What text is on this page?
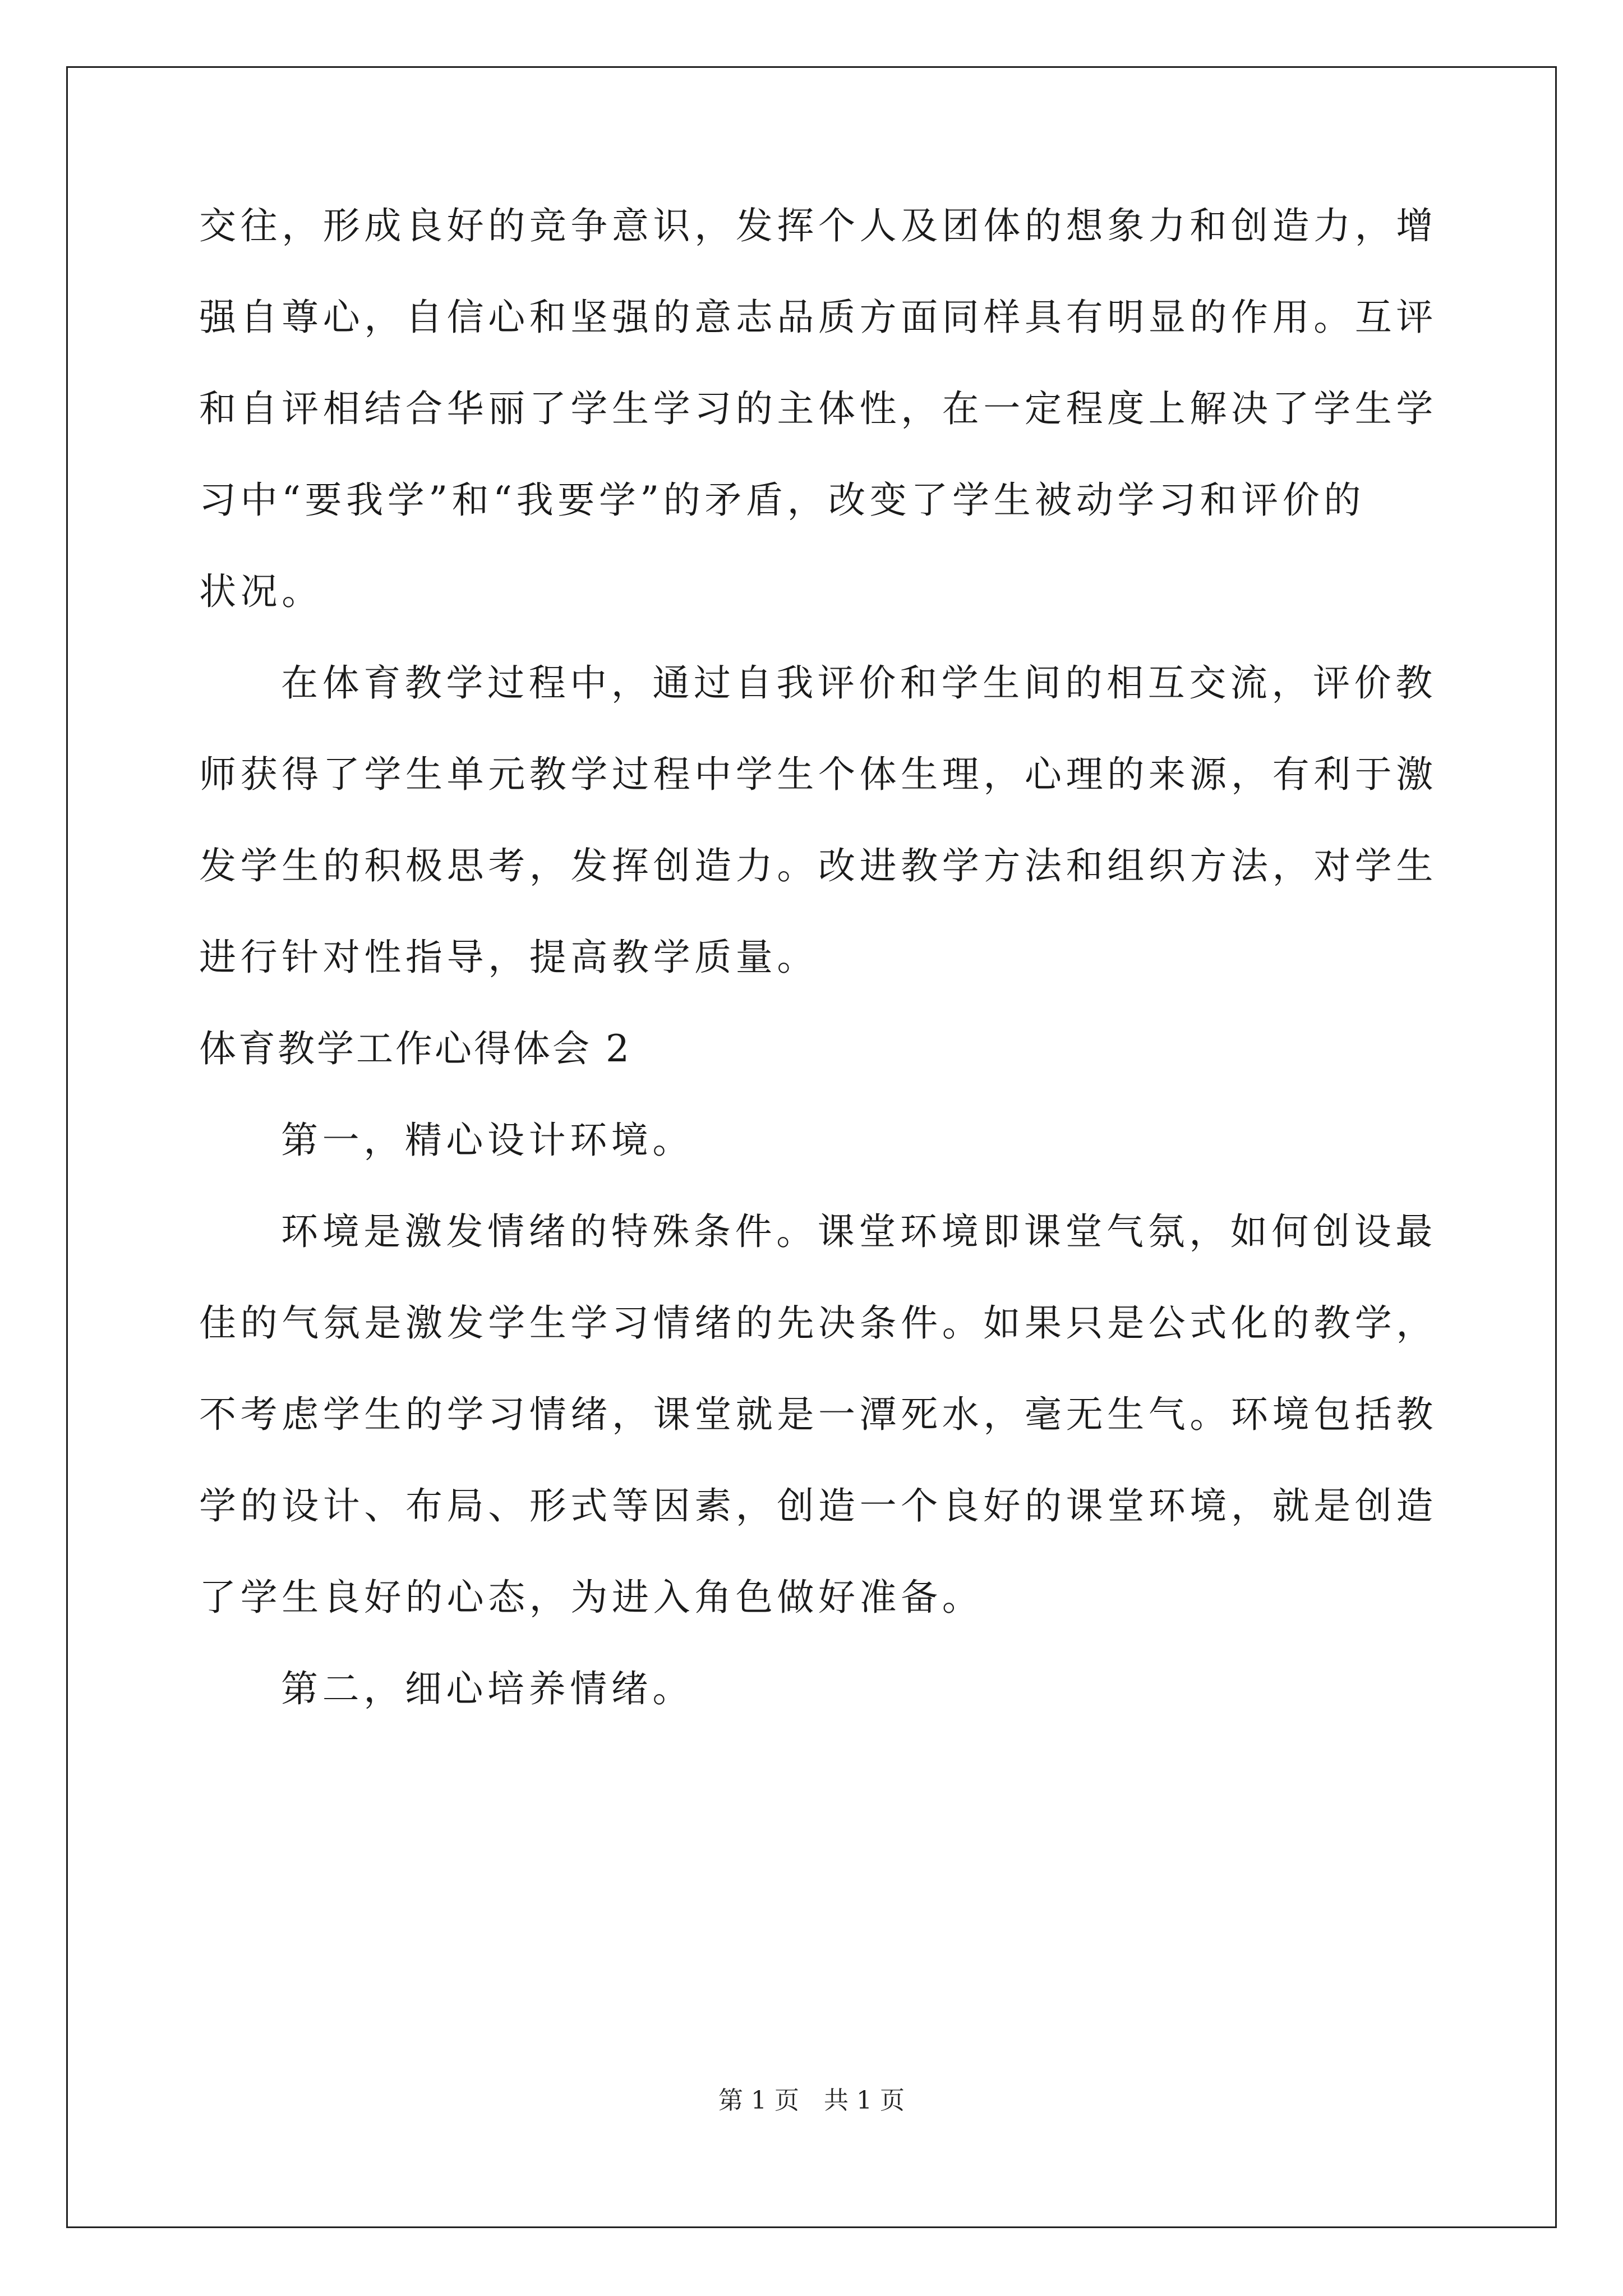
交往，形成良好的竞争意识，发挥个人及团体的想象力和创造力，增
强自尊心，自信心和坚强的意志品质方面同样具有明显的作用。互评
和自评相结合华丽了学生学习的主体性，在一定程度上解决了学生学
习中“要我学”和“我要学”的矛盾，改变了学生被动学习和评价的
状况。
在体育教学过程中，通过自我评价和学生间的相互交流，评价教
师获得了学生单元教学过程中学生个体生理，心理的来源，有利于激
发学生的积极思考，发挥创造力。改进教学方法和组织方法，对学生
进行针对性指导，提高教学质量。
体育教学工作心得体会 2
第一，精心设计环境。
环境是激发情绪的特殊条件。课堂环境即课堂气氛，如何创设最
佳的气氛是激发学生学习情绪的先决条件。如果只是公式化的教学，
不考虑学生的学习情绪，课堂就是一潭死水，毫无生气。环境包括教
学的设计、布局、形式等因素，创造一个良好的课堂环境，就是创造
了学生良好的心态，为进入角色做好准备。
第二，细心培养情绪。
第 1 页　共 1 页
